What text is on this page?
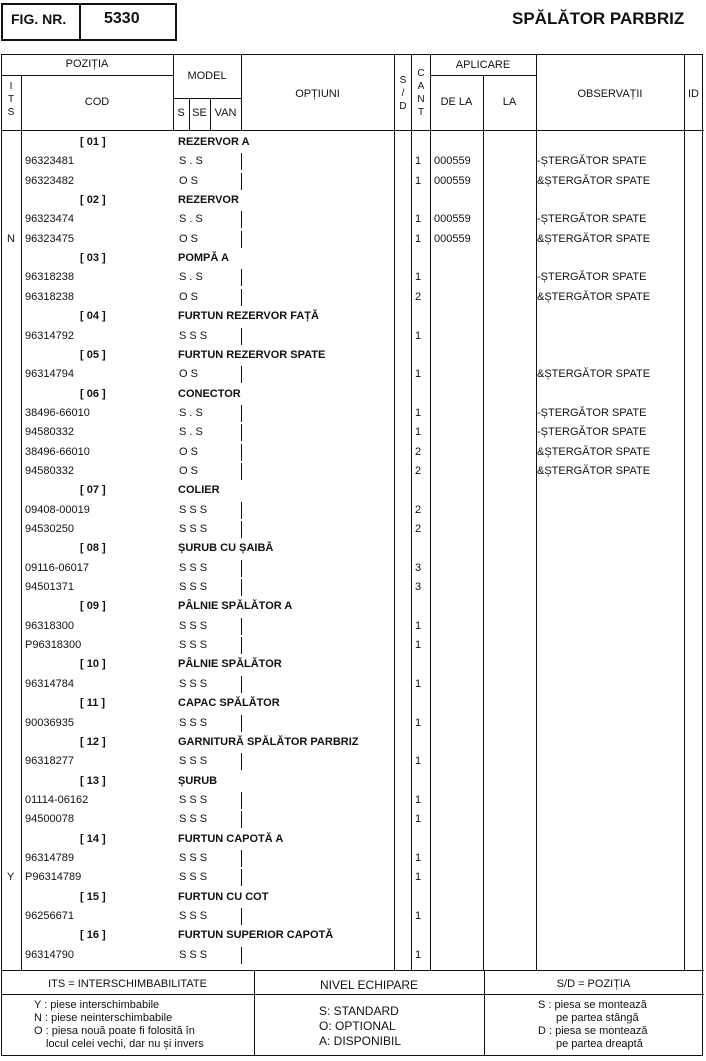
FIG. NR. 5330	SPĂLĂTOR PARBRIZ
POZIȚIA
I
T
S
COD
MODEL
S SE VAN
OPȚIUNI
S
/
D
C
A
N
T
APLICARE
DE LA	LA
OBSERVAȚII	ID
[ 01 ]	REZERVOR A
96323481	S . S	1 000559	-ȘTERGĂTOR SPATE
96323482	O S	1 000559	&ȘTERGĂTOR SPATE
[ 02 ]	REZERVOR
96323474	S . S	1 000559	-ȘTERGĂTOR SPATE
N 96323475	O S	1 000559	&ȘTERGĂTOR SPATE
[ 03 ]	POMPĂ A
96318238	S . S	1	-ȘTERGĂTOR SPATE
96318238	O S	2	&ȘTERGĂTOR SPATE
[ 04 ]	FURTUN REZERVOR FAȚĂ
96314792	S S S	1
[ 05 ]	FURTUN REZERVOR SPATE
96314794	O S	1	&ȘTERGĂTOR SPATE
[ 06 ]	CONECTOR
38496-66010	S . S	1	-ȘTERGĂTOR SPATE
94580332	S . S	1	-ȘTERGĂTOR SPATE
38496-66010	O S	2	&ȘTERGĂTOR SPATE
94580332	O S	2	&ȘTERGĂTOR SPATE
[ 07 ]	COLIER
09408-00019	S S S	2
94530250	S S S	2
[ 08 ]	ȘURUB CU ȘAIBĂ
09116-06017	S S S	3
94501371	S S S	3
[ 09 ]	PÂLNIE SPĂLĂTOR A
96318300	S S S	1
P96318300	S S S	1
[ 10 ]	PÂLNIE SPĂLĂTOR
96314784	S S S	1
[ 11 ]	CAPAC SPĂLĂTOR
90036935	S S S	1
[ 12 ]	GARNITURĂ SPĂLĂTOR PARBRIZ
96318277	S S S	1
[ 13 ]	ȘURUB
01114-06162	S S S	1
94500078	S S S	1
[ 14 ]	FURTUN CAPOTĂ A
96314789	S S S	1
Y P96314789	S S S	1
[ 15 ]	FURTUN CU COT
96256671	S S S	1
[ 16 ]	FURTUN SUPERIOR CAPOTĂ
96314790	S S S	1
ITS = INTERSCHIMBABILITATE	NIVEL ECHIPARE	S/D = POZIȚIA
Y : piese interschimbabile
N : piese neinterschimbabile
O : piesa nouă poate fi folosită în
locul celei vechi, dar nu și invers
S: STANDARD
O: OPTIONAL
A: DISPONIBIL
S : piesa se montează
pe partea stângă
D : piesa se montează
pe partea dreaptă
